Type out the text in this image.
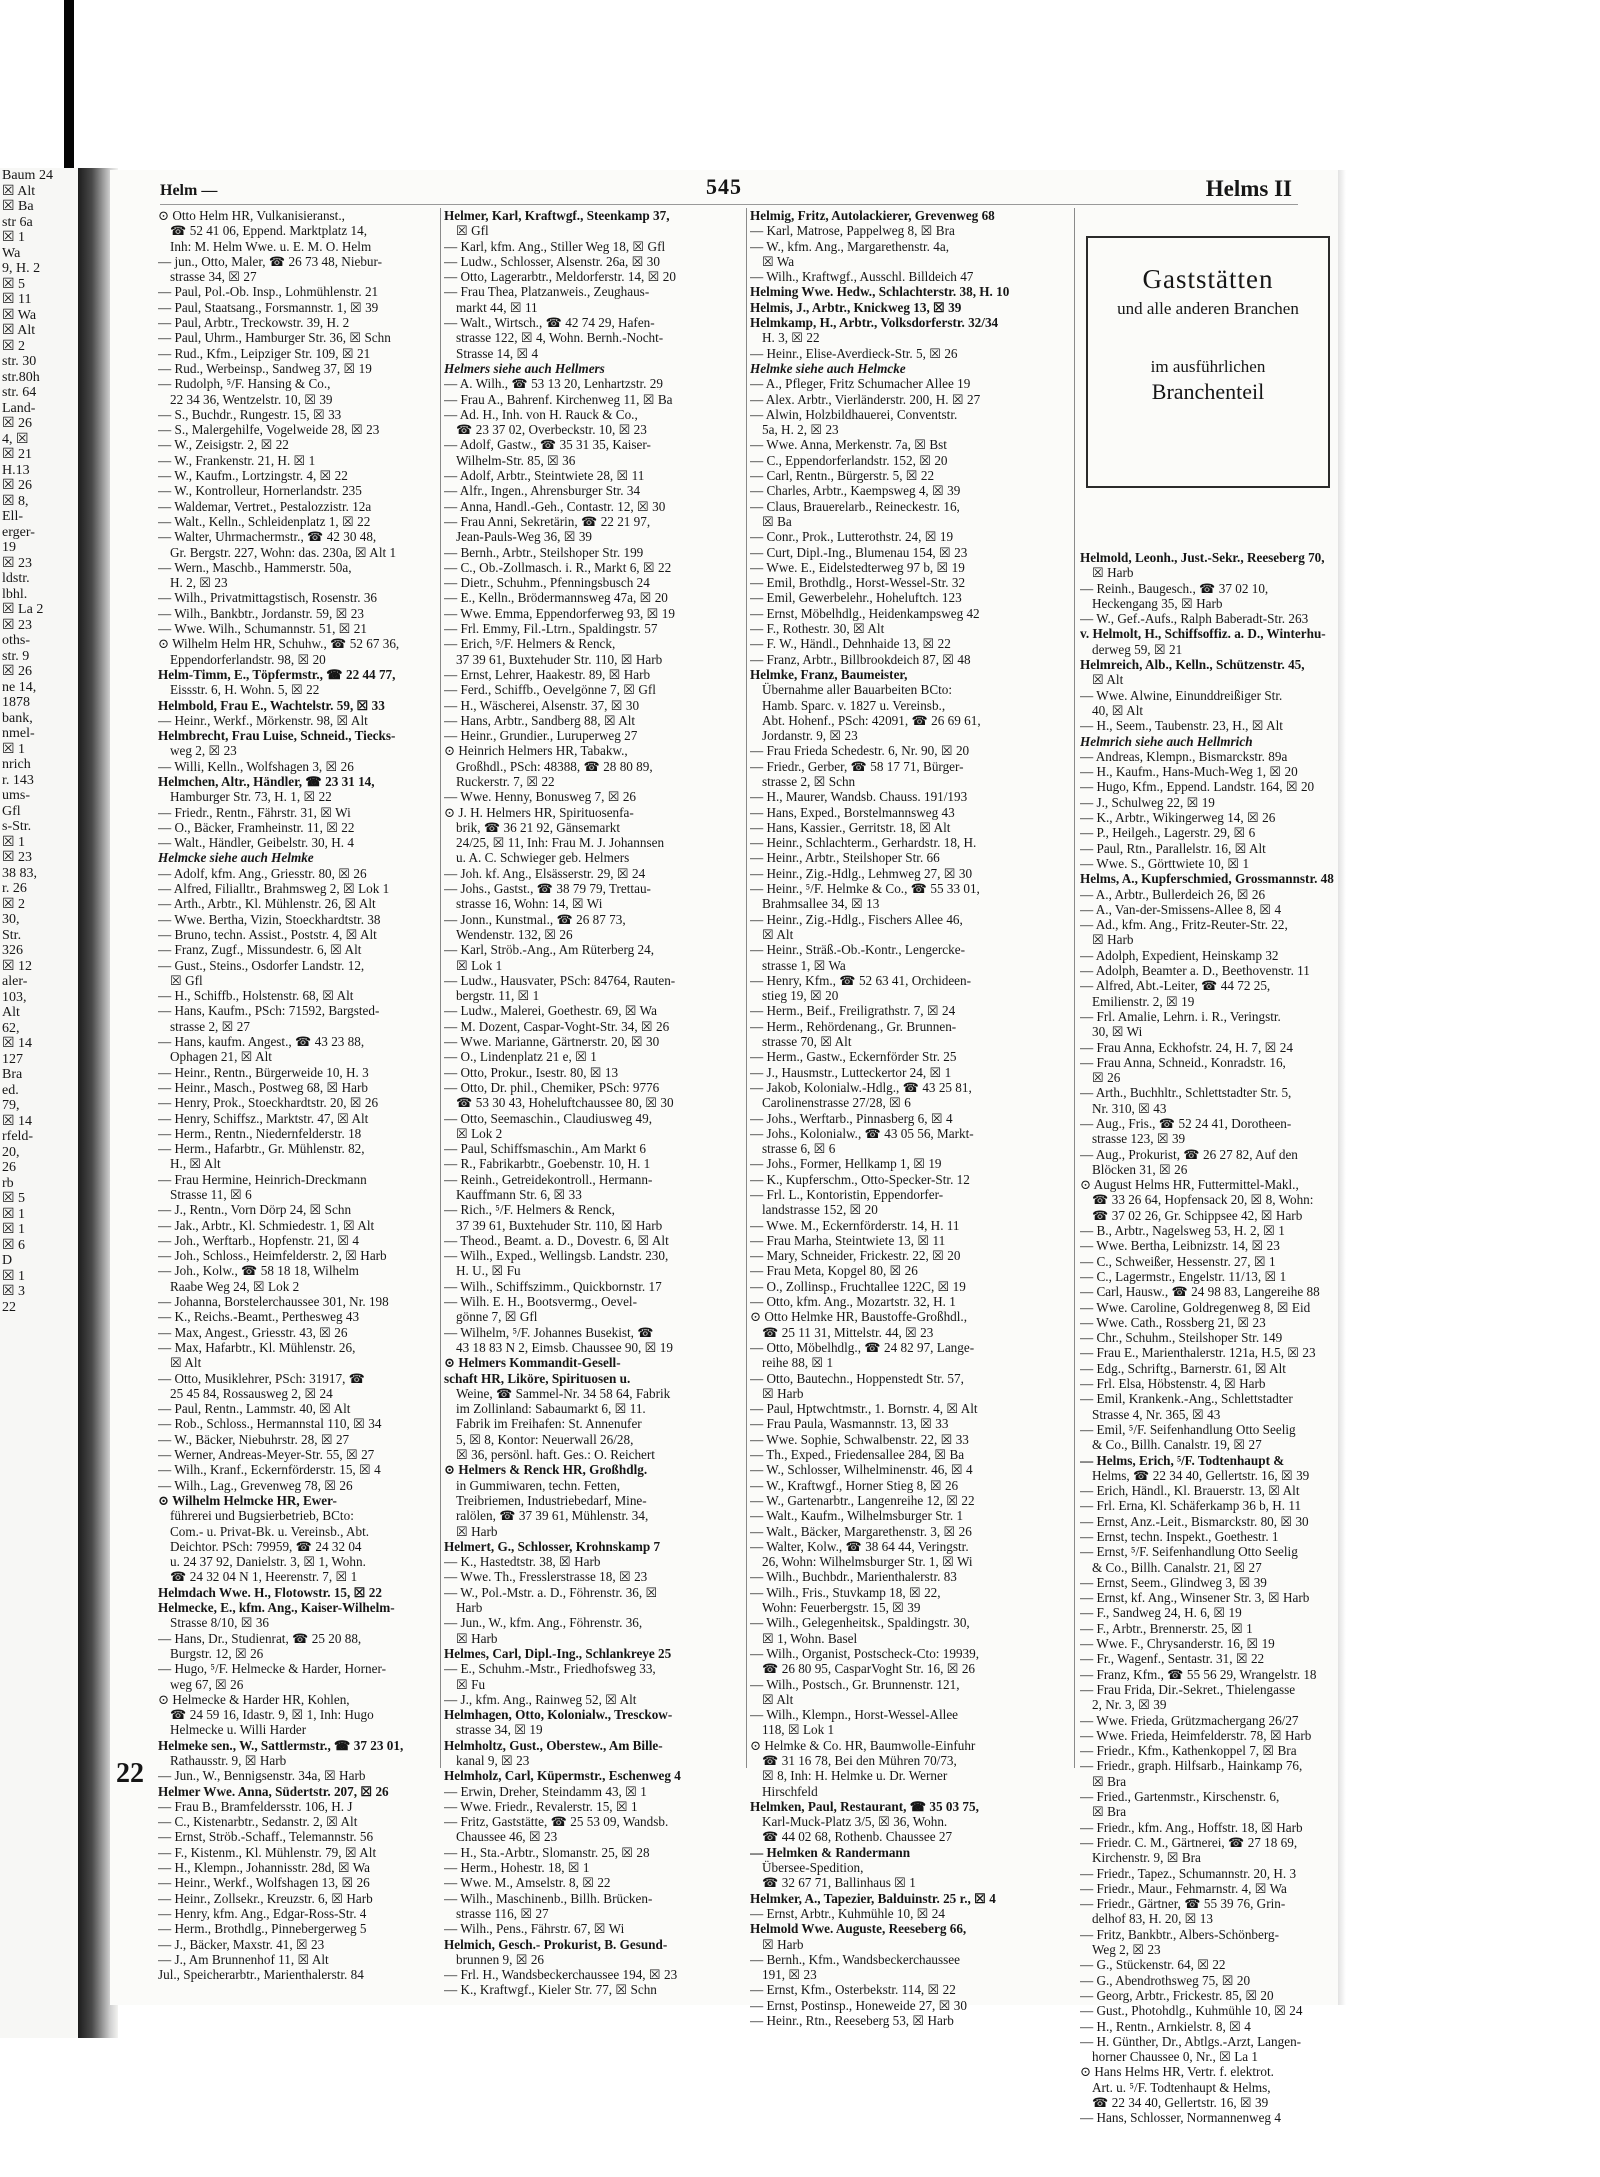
Baum 24
☒ Alt
☒ Ba
str 6a
☒ 1
Wa
9, H. 2
☒ 5
☒ 11
☒ Wa
☒ Alt
☒ 2
str. 30
str.80h
str. 64
Land-
☒ 26
4, ☒
☒ 21
H.13
☒ 26
☒ 8,
Ell-
erger-
19
☒ 23
ldstr.
lbhl.
☒ La 2
☒ 23
oths-
str. 9
☒ 26
ne 14,
1878
bank,
nmel-
☒ 1
nrich
r. 143
ums-
Gfl
s-Str.
☒ 1
☒ 23
38 83,
r. 26
☒ 2
30,
Str.
326
☒ 12
aler-
103,
Alt
62,
☒ 14
127
Bra
ed.
79,
☒ 14
rfeld-
20,
26
rb
☒ 5
☒ 1
☒ 1
☒ 6
D
☒ 1
☒ 3
22
Helm —	545	Helms II
⊙ Otto Helm HR, Vulkanisieranst.,
☎ 52 41 06, Eppend. Marktplatz 14,
Inh: M. Helm Wwe. u. E. M. O. Helm
— jun., Otto, Maler, ☎ 26 73 48, Niebur-
strasse 34, ☒ 27
— Paul, Pol.-Ob. Insp., Lohmühlenstr. 21
— Paul, Staatsang., Forsmannstr. 1, ☒ 39
— Paul, Arbtr., Treckowstr. 39, H. 2
— Paul, Uhrm., Hamburger Str. 36, ☒ Schn
— Rud., Kfm., Leipziger Str. 109, ☒ 21
— Rud., Werbeinsp., Sandweg 37, ☒ 19
— Rudolph, ⁵/F. Hansing & Co.,
22 34 36, Wentzelstr. 10, ☒ 39
— S., Buchdr., Rungestr. 15, ☒ 33
— S., Malergehilfe, Vogelweide 28, ☒ 23
— W., Zeisigstr. 2, ☒ 22
— W., Frankenstr. 21, H. ☒ 1
— W., Kaufm., Lortzingstr. 4, ☒ 22
— W., Kontrolleur, Hornerlandstr. 235
— Waldemar, Vertret., Pestalozzistr. 12a
— Walt., Kelln., Schleidenplatz 1, ☒ 22
— Walter, Uhrmachermstr., ☎ 42 30 48,
Gr. Bergstr. 227, Wohn: das. 230a, ☒ Alt 1
— Wern., Maschb., Hammerstr. 50a,
H. 2, ☒ 23
— Wilh., Privatmittagstisch, Rosenstr. 36
— Wilh., Bankbtr., Jordanstr. 59, ☒ 23
— Wwe. Wilh., Schumannstr. 51, ☒ 21
⊙ Wilhelm Helm HR, Schuhw., ☎ 52 67 36,
Eppendorferlandstr. 98, ☒ 20
Helm-Timm, E., Töpfermstr., ☎ 22 44 77,
Eissstr. 6, H. Wohn. 5, ☒ 22
Helmbold, Frau E., Wachtelstr. 59, ☒ 33
— Heinr., Werkf., Mörkenstr. 98, ☒ Alt
Helmbrecht, Frau Luise, Schneid., Tiecks-
weg 2, ☒ 23
— Willi, Kelln., Wolfshagen 3, ☒ 26
Helmchen, Altr., Händler, ☎ 23 31 14,
Hamburger Str. 73, H. 1, ☒ 22
— Friedr., Rentn., Fährstr. 31, ☒ Wi
— O., Bäcker, Framheinstr. 11, ☒ 22
— Walt., Händler, Geibelstr. 30, H. 4
Helmcke siehe auch Helmke
— Adolf, kfm. Ang., Griesstr. 80, ☒ 26
— Alfred, Filialltr., Brahmsweg 2, ☒ Lok 1
— Arth., Arbtr., Kl. Mühlenstr. 26, ☒ Alt
— Wwe. Bertha, Vizin, Stoeckhardtstr. 38
— Bruno, techn. Assist., Poststr. 4, ☒ Alt
— Franz, Zugf., Missundestr. 6, ☒ Alt
— Gust., Steins., Osdorfer Landstr. 12,
☒ Gfl
— H., Schiffb., Holstenstr. 68, ☒ Alt
— Hans, Kaufm., PSch: 71592, Bargsted-
strasse 2, ☒ 27
— Hans, kaufm. Angest., ☎ 43 23 88,
Ophagen 21, ☒ Alt
— Heinr., Rentn., Bürgerweide 10, H. 3
— Heinr., Masch., Postweg 68, ☒ Harb
— Henry, Prok., Stoeckhardtstr. 20, ☒ 26
— Henry, Schiffsz., Marktstr. 47, ☒ Alt
— Herm., Rentn., Niedernfelderstr. 18
— Herm., Hafarbtr., Gr. Mühlenstr. 82,
H., ☒ Alt
— Frau Hermine, Heinrich-Dreckmann
Strasse 11, ☒ 6
— J., Rentn., Vorn Dörp 24, ☒ Schn
— Jak., Arbtr., Kl. Schmiedestr. 1, ☒ Alt
— Joh., Werftarb., Hopfenstr. 21, ☒ 4
— Joh., Schloss., Heimfelderstr. 2, ☒ Harb
— Joh., Kolw., ☎ 58 18 18, Wilhelm
Raabe Weg 24, ☒ Lok 2
— Johanna, Borstelerchaussee 301, Nr. 198
— K., Reichs.-Beamt., Perthesweg 43
— Max, Angest., Griesstr. 43, ☒ 26
— Max, Hafarbtr., Kl. Mühlenstr. 26,
☒ Alt
— Otto, Musiklehrer, PSch: 31917, ☎
25 45 84, Rossausweg 2, ☒ 24
— Paul, Rentn., Lammstr. 40, ☒ Alt
— Rob., Schloss., Hermannstal 110, ☒ 34
— W., Bäcker, Niebuhrstr. 28, ☒ 27
— Werner, Andreas-Meyer-Str. 55, ☒ 27
— Wilh., Kranf., Eckernförderstr. 15, ☒ 4
— Wilh., Lag., Grevenweg 78, ☒ 26
⊙ Wilhelm Helmcke HR, Ewer-
führerei und Bugsierbetrieb, BCto:
Com.- u. Privat-Bk. u. Vereinsb., Abt.
Deichtor. PSch: 79959, ☎ 24 32 04
u. 24 37 92, Danielstr. 3, ☒ 1, Wohn.
☎ 24 32 04 N 1, Heerenstr. 7, ☒ 1
Helmdach Wwe. H., Flotowstr. 15, ☒ 22
Helmecke, E., kfm. Ang., Kaiser-Wilhelm-
Strasse 8/10, ☒ 36
— Hans, Dr., Studienrat, ☎ 25 20 88,
Burgstr. 12, ☒ 26
— Hugo, ⁵/F. Helmecke & Harder, Horner-
weg 67, ☒ 26
⊙ Helmecke & Harder HR, Kohlen,
☎ 24 59 16, Idastr. 9, ☒ 1, Inh: Hugo
Helmecke u. Willi Harder
Helmeke sen., W., Sattlermstr., ☎ 37 23 01,
Rathausstr. 9, ☒ Harb
— Jun., W., Bennigsenstr. 34a, ☒ Harb
Helmer Wwe. Anna, Südertstr. 207, ☒ 26
— Frau B., Bramfeldersstr. 106, H. J
— C., Kistenarbtr., Sedanstr. 2, ☒ Alt
— Ernst, Ströb.-Schaff., Telemannstr. 56
— F., Kistenm., Kl. Mühlenstr. 79, ☒ Alt
— H., Klempn., Johannisstr. 28d, ☒ Wa
— Heinr., Werkf., Wolfshagen 13, ☒ 26
— Heinr., Zollsekr., Kreuzstr. 6, ☒ Harb
— Henry, kfm. Ang., Edgar-Ross-Str. 4
— Herm., Brothdlg., Pinnebergerweg 5
— J., Bäcker, Maxstr. 41, ☒ 23
— J., Am Brunnenhof 11, ☒ Alt
Jul., Speicherarbtr., Marienthalerstr. 84
Helmer, Karl, Kraftwgf., Steenkamp 37,
☒ Gfl
— Karl, kfm. Ang., Stiller Weg 18, ☒ Gfl
— Ludw., Schlosser, Alsenstr. 26a, ☒ 30
— Otto, Lagerarbtr., Meldorferstr. 14, ☒ 20
— Frau Thea, Platzanweis., Zeughaus-
markt 44, ☒ 11
— Walt., Wirtsch., ☎ 42 74 29, Hafen-
strasse 122, ☒ 4, Wohn. Bernh.-Nocht-
Strasse 14, ☒ 4
Helmers siehe auch Hellmers
— A. Wilh., ☎ 53 13 20, Lenhartzstr. 29
— Frau A., Bahrenf. Kirchenweg 11, ☒ Ba
— Ad. H., Inh. von H. Rauck & Co.,
☎ 23 37 02, Overbeckstr. 10, ☒ 23
— Adolf, Gastw., ☎ 35 31 35, Kaiser-
Wilhelm-Str. 85, ☒ 36
— Adolf, Arbtr., Steintwiete 28, ☒ 11
— Alfr., Ingen., Ahrensburger Str. 34
— Anna, Handl.-Geh., Contastr. 12, ☒ 30
— Frau Anni, Sekretärin, ☎ 22 21 97,
Jean-Pauls-Weg 36, ☒ 39
— Bernh., Arbtr., Steilshoper Str. 199
— C., Ob.-Zollmasch. i. R., Markt 6, ☒ 22
— Dietr., Schuhm., Pfenningsbusch 24
— E., Kelln., Brödermannsweg 47a, ☒ 20
— Wwe. Emma, Eppendorferweg 93, ☒ 19
— Frl. Emmy, Fil.-Ltrn., Spaldingstr. 57
— Erich, ⁵/F. Helmers & Renck,
37 39 61, Buxtehuder Str. 110, ☒ Harb
— Ernst, Lehrer, Haakestr. 89, ☒ Harb
— Ferd., Schiffb., Oevelgönne 7, ☒ Gfl
— H., Wäscherei, Alsenstr. 37, ☒ 30
— Hans, Arbtr., Sandberg 88, ☒ Alt
— Heinr., Grundier., Luruperweg 27
⊙ Heinrich Helmers HR, Tabakw.,
Großhdl., PSch: 48388, ☎ 28 80 89,
Ruckerstr. 7, ☒ 22
— Wwe. Henny, Bonusweg 7, ☒ 26
⊙ J. H. Helmers HR, Spirituosenfa-
brik, ☎ 36 21 92, Gänsemarkt
24/25, ☒ 11, Inh: Frau M. J. Johannsen
u. A. C. Schwieger geb. Helmers
— Joh. kf. Ang., Elsässerstr. 29, ☒ 24
— Johs., Gastst., ☎ 38 79 79, Trettau-
strasse 16, Wohn: 14, ☒ Wi
— Jonn., Kunstmal., ☎ 26 87 73,
Wendenstr. 132, ☒ 26
— Karl, Ströb.-Ang., Am Rüterberg 24,
☒ Lok 1
— Ludw., Hausvater, PSch: 84764, Rauten-
bergstr. 11, ☒ 1
— Ludw., Malerei, Goethestr. 69, ☒ Wa
— M. Dozent, Caspar-Voght-Str. 34, ☒ 26
— Wwe. Marianne, Gärtnerstr. 20, ☒ 30
— O., Lindenplatz 21 e, ☒ 1
— Otto, Prokur., Isestr. 80, ☒ 13
— Otto, Dr. phil., Chemiker, PSch: 9776
☎ 53 30 43, Hoheluftchaussee 80, ☒ 30
— Otto, Seemaschin., Claudiusweg 49,
☒ Lok 2
— Paul, Schiffsmaschin., Am Markt 6
— R., Fabrikarbtr., Goebenstr. 10, H. 1
— Reinh., Getreidekontroll., Hermann-
Kauffmann Str. 6, ☒ 33
— Rich., ⁵/F. Helmers & Renck,
37 39 61, Buxtehuder Str. 110, ☒ Harb
— Theod., Beamt. a. D., Dovestr. 6, ☒ Alt
— Wilh., Exped., Wellingsb. Landstr. 230,
H. U., ☒ Fu
— Wilh., Schiffszimm., Quickbornstr. 17
— Wilh. E. H., Bootsvermg., Oevel-
gönne 7, ☒ Gfl
— Wilhelm, ⁵/F. Johannes Busekist, ☎
43 18 83 N 2, Eimsb. Chaussee 90, ☒ 19
⊙ Helmers Kommandit-Gesell-
schaft HR, Liköre, Spirituosen u.
Weine, ☎ Sammel-Nr. 34 58 64, Fabrik
im Zollinland: Sabaumarkt 6, ☒ 11.
Fabrik im Freihafen: St. Annenufer
5, ☒ 8, Kontor: Neuerwall 26/28,
☒ 36, persönl. haft. Ges.: O. Reichert
⊙ Helmers & Renck HR, Großhdlg.
in Gummiwaren, techn. Fetten,
Treibriemen, Industriebedarf, Mine-
ralölen, ☎ 37 39 61, Mühlenstr. 34,
☒ Harb
Helmert, G., Schlosser, Krohnskamp 7
— K., Hastedtstr. 38, ☒ Harb
— Wwe. Th., Fresslerstrasse 18, ☒ 23
— W., Pol.-Mstr. a. D., Föhrenstr. 36, ☒
Harb
— Jun., W., kfm. Ang., Föhrenstr. 36,
☒ Harb
Helmes, Carl, Dipl.-Ing., Schlankreye 25
— E., Schuhm.-Mstr., Friedhofsweg 33,
☒ Fu
— J., kfm. Ang., Rainweg 52, ☒ Alt
Helmhagen, Otto, Kolonialw., Tresckow-
strasse 34, ☒ 19
Helmholtz, Gust., Oberstew., Am Bille-
kanal 9, ☒ 23
Helmholz, Carl, Küpermstr., Eschenweg 4
— Erwin, Dreher, Steindamm 43, ☒ 1
— Wwe. Friedr., Revalerstr. 15, ☒ 1
— Fritz, Gaststätte, ☎ 25 53 09, Wandsb.
Chaussee 46, ☒ 23
— H., Sta.-Arbtr., Slomanstr. 25, ☒ 28
— Herm., Hohestr. 18, ☒ 1
— Wwe. M., Amselstr. 8, ☒ 22
— Wilh., Maschinenb., Billh. Brücken-
strasse 116, ☒ 27
— Wilh., Pens., Fährstr. 67, ☒ Wi
Helmich, Gesch.- Prokurist, B. Gesund-
brunnen 9, ☒ 26
— Frl. H., Wandsbeckerchaussee 194, ☒ 23
— K., Kraftwgf., Kieler Str. 77, ☒ Schn
Helmig, Fritz, Autolackierer, Grevenweg 68
— Karl, Matrose, Pappelweg 8, ☒ Bra
— W., kfm. Ang., Margarethenstr. 4a,
☒ Wa
— Wilh., Kraftwgf., Ausschl. Billdeich 47
Helming Wwe. Hedw., Schlachterstr. 38, H. 10
Helmis, J., Arbtr., Knickweg 13, ☒ 39
Helmkamp, H., Arbtr., Volksdorferstr. 32/34
H. 3, ☒ 22
— Heinr., Elise-Averdieck-Str. 5, ☒ 26
Helmke siehe auch Helmcke
— A., Pfleger, Fritz Schumacher Allee 19
— Alex. Arbtr., Vierländerstr. 200, H. ☒ 27
— Alwin, Holzbildhauerei, Conventstr.
5a, H. 2, ☒ 23
— Wwe. Anna, Merkenstr. 7a, ☒ Bst
— C., Eppendorferlandstr. 152, ☒ 20
— Carl, Rentn., Bürgerstr. 5, ☒ 22
— Charles, Arbtr., Kaempsweg 4, ☒ 39
— Claus, Brauerelarb., Reineckestr. 16,
☒ Ba
— Conr., Prok., Lutterothstr. 24, ☒ 19
— Curt, Dipl.-Ing., Blumenau 154, ☒ 23
— Wwe. E., Eidelstedterweg 97 b, ☒ 19
— Emil, Brothdlg., Horst-Wessel-Str. 32
— Emil, Gewerbelehr., Hoheluftch. 123
— Ernst, Möbelhdlg., Heidenkampsweg 42
— F., Rothestr. 30, ☒ Alt
— F. W., Händl., Dehnhaide 13, ☒ 22
— Franz, Arbtr., Billbrookdeich 87, ☒ 48
Helmke, Franz, Baumeister,
Übernahme aller Bauarbeiten BCto:
Hamb. Sparc. v. 1827 u. Vereinsb.,
Abt. Hohenf., PSch: 42091, ☎ 26 69 61,
Jordanstr. 9, ☒ 23
— Frau Frieda Schedestr. 6, Nr. 90, ☒ 20
— Friedr., Gerber, ☎ 58 17 71, Bürger-
strasse 2, ☒ Schn
— H., Maurer, Wandsb. Chauss. 191/193
— Hans, Exped., Borstelmannsweg 43
— Hans, Kassier., Gerritstr. 18, ☒ Alt
— Heinr., Schlachterm., Gerhardstr. 18, H.
— Heinr., Arbtr., Steilshoper Str. 66
— Heinr., Zig.-Hdlg., Lehmweg 27, ☒ 30
— Heinr., ⁵/F. Helmke & Co., ☎ 55 33 01,
Brahmsallee 34, ☒ 13
— Heinr., Zig.-Hdlg., Fischers Allee 46,
☒ Alt
— Heinr., Sträß.-Ob.-Kontr., Lengercke-
strasse 1, ☒ Wa
— Henry, Kfm., ☎ 52 63 41, Orchideen-
stieg 19, ☒ 20
— Herm., Beif., Freiligrathstr. 7, ☒ 24
— Herm., Rehördenang., Gr. Brunnen-
strasse 70, ☒ Alt
— Herm., Gastw., Eckernförder Str. 25
— J., Hausmstr., Lutteckertor 24, ☒ 1
— Jakob, Kolonialw.-Hdlg., ☎ 43 25 81,
Carolinenstrasse 27/28, ☒ 6
— Johs., Werftarb., Pinnasberg 6, ☒ 4
— Johs., Kolonialw., ☎ 43 05 56, Markt-
strasse 6, ☒ 6
— Johs., Former, Hellkamp 1, ☒ 19
— K., Kupferschm., Otto-Specker-Str. 12
— Frl. L., Kontoristin, Eppendorfer-
landstrasse 152, ☒ 20
— Wwe. M., Eckernförderstr. 14, H. 11
— Frau Marha, Steintwiete 13, ☒ 11
— Mary, Schneider, Frickestr. 22, ☒ 20
— Frau Meta, Kopgel 80, ☒ 26
— O., Zollinsp., Fruchtallee 122C, ☒ 19
— Otto, kfm. Ang., Mozartstr. 32, H. 1
⊙ Otto Helmke HR, Baustoffe-Großhdl.,
☎ 25 11 31, Mittelstr. 44, ☒ 23
— Otto, Möbelhdlg., ☎ 24 82 97, Lange-
reihe 88, ☒ 1
— Otto, Bautechn., Hoppenstedt Str. 57,
☒ Harb
— Paul, Hptwchtmstr., 1. Bornstr. 4, ☒ Alt
— Frau Paula, Wasmannstr. 13, ☒ 33
— Wwe. Sophie, Schwalbenstr. 22, ☒ 33
— Th., Exped., Friedensallee 284, ☒ Ba
— W., Schlosser, Wilhelminenstr. 46, ☒ 4
— W., Kraftwgf., Horner Stieg 8, ☒ 26
— W., Gartenarbtr., Langenreihe 12, ☒ 22
— Walt., Kaufm., Wilhelmsburger Str. 1
— Walt., Bäcker, Margarethenstr. 3, ☒ 26
— Walter, Kolw., ☎ 38 64 44, Veringstr.
26, Wohn: Wilhelmsburger Str. 1, ☒ Wi
— Wilh., Buchbdr., Marienthalerstr. 83
— Wilh., Fris., Stuvkamp 18, ☒ 22,
Wohn: Feuerbergstr. 15, ☒ 39
— Wilh., Gelegenheitsk., Spaldingstr. 30,
☒ 1, Wohn. Basel
— Wilh., Organist, Postscheck-Cto: 19939,
☎ 26 80 95, CasparVoght Str. 16, ☒ 26
— Wilh., Postsch., Gr. Brunnenstr. 121,
☒ Alt
— Wilh., Klempn., Horst-Wessel-Allee
118, ☒ Lok 1
⊙ Helmke & Co. HR, Baumwolle-Einfuhr
☎ 31 16 78, Bei den Mühren 70/73,
☒ 8, Inh: H. Helmke u. Dr. Werner
Hirschfeld
Helmken, Paul, Restaurant, ☎ 35 03 75,
Karl-Muck-Platz 3/5, ☒ 36, Wohn.
☎ 44 02 68, Rothenb. Chaussee 27
— Helmken & Randermann
Übersee-Spedition,
☎ 32 67 71, Ballinhaus ☒ 1
Helmker, A., Tapezier, Balduinstr. 25 r., ☒ 4
— Ernst, Arbtr., Kuhmühle 10, ☒ 24
Helmold Wwe. Auguste, Reeseberg 66,
☒ Harb
— Bernh., Kfm., Wandsbeckerchaussee
191, ☒ 23
— Ernst, Kfm., Osterbekstr. 114, ☒ 22
— Ernst, Postinsp., Honeweide 27, ☒ 30
— Heinr., Rtn., Reeseberg 53, ☒ Harb
Gaststätten
und alle anderen Branchen
im ausführlichen
Branchenteil
Helmold, Leonh., Just.-Sekr., Reeseberg 70,
☒ Harb
— Reinh., Baugesch., ☎ 37 02 10,
Heckengang 35, ☒ Harb
— W., Gef.-Aufs., Ralph Baberadt-Str. 263
v. Helmolt, H., Schiffsoffiz. a. D., Winterhu-
derweg 59, ☒ 21
Helmreich, Alb., Kelln., Schützenstr. 45,
☒ Alt
— Wwe. Alwine, Einunddreißiger Str.
40, ☒ Alt
— H., Seem., Taubenstr. 23, H., ☒ Alt
Helmrich siehe auch Hellmrich
— Andreas, Klempn., Bismarckstr. 89a
— H., Kaufm., Hans-Much-Weg 1, ☒ 20
— Hugo, Kfm., Eppend. Landstr. 164, ☒ 20
— J., Schulweg 22, ☒ 19
— K., Arbtr., Wikingerweg 14, ☒ 26
— P., Heilgeh., Lagerstr. 29, ☒ 6
— Paul, Rtn., Parallelstr. 16, ☒ Alt
— Wwe. S., Görttwiete 10, ☒ 1
Helms, A., Kupferschmied, Grossmannstr. 48
— A., Arbtr., Bullerdeich 26, ☒ 26
— A., Van-der-Smissens-Allee 8, ☒ 4
— Ad., kfm. Ang., Fritz-Reuter-Str. 22,
☒ Harb
— Adolph, Expedient, Heinskamp 32
— Adolph, Beamter a. D., Beethovenstr. 11
— Alfred, Abt.-Leiter, ☎ 44 72 25,
Emilienstr. 2, ☒ 19
— Frl. Amalie, Lehrn. i. R., Veringstr.
30, ☒ Wi
— Frau Anna, Eckhofstr. 24, H. 7, ☒ 24
— Frau Anna, Schneid., Konradstr. 16,
☒ 26
— Arth., Buchhltr., Schlettstadter Str. 5,
Nr. 310, ☒ 43
— Aug., Fris., ☎ 52 24 41, Dorotheen-
strasse 123, ☒ 39
— Aug., Prokurist, ☎ 26 27 82, Auf den
Blöcken 31, ☒ 26
⊙ August Helms HR, Futtermittel-Makl.,
☎ 33 26 64, Hopfensack 20, ☒ 8, Wohn:
☎ 37 02 26, Gr. Schippsee 42, ☒ Harb
— B., Arbtr., Nagelsweg 53, H. 2, ☒ 1
— Wwe. Bertha, Leibnizstr. 14, ☒ 23
— C., Schweißer, Hessenstr. 27, ☒ 1
— C., Lagermstr., Engelstr. 11/13, ☒ 1
— Carl, Hausw., ☎ 24 98 83, Langereihe 88
— Wwe. Caroline, Goldregenweg 8, ☒ Eid
— Wwe. Cath., Rossberg 21, ☒ 23
— Chr., Schuhm., Steilshoper Str. 149
— Frau E., Marienthalerstr. 121a, H.5, ☒ 23
— Edg., Schriftg., Barnerstr. 61, ☒ Alt
— Frl. Elsa, Höbstenstr. 4, ☒ Harb
— Emil, Krankenk.-Ang., Schlettstadter
Strasse 4, Nr. 365, ☒ 43
— Emil, ⁵/F. Seifenhandlung Otto Seelig
& Co., Billh. Canalstr. 19, ☒ 27
— Helms, Erich, ⁵/F. Todtenhaupt &
Helms, ☎ 22 34 40, Gellertstr. 16, ☒ 39
— Erich, Händl., Kl. Brauerstr. 13, ☒ Alt
— Frl. Erna, Kl. Schäferkamp 36 b, H. 11
— Ernst, Anz.-Leit., Bismarckstr. 80, ☒ 30
— Ernst, techn. Inspekt., Goethestr. 1
— Ernst, ⁵/F. Seifenhandlung Otto Seelig
& Co., Billh. Canalstr. 21, ☒ 27
— Ernst, Seem., Glindweg 3, ☒ 39
— Ernst, kf. Ang., Winsener Str. 3, ☒ Harb
— F., Sandweg 24, H. 6, ☒ 19
— F., Arbtr., Brennerstr. 25, ☒ 1
— Wwe. F., Chrysanderstr. 16, ☒ 19
— Fr., Wagenf., Sentastr. 31, ☒ 22
— Franz, Kfm., ☎ 55 56 29, Wrangelstr. 18
— Frau Frida, Dir.-Sekret., Thielengasse
2, Nr. 3, ☒ 39
— Wwe. Frieda, Grützmachergang 26/27
— Wwe. Frieda, Heimfelderstr. 78, ☒ Harb
— Friedr., Kfm., Kathenkoppel 7, ☒ Bra
— Friedr., graph. Hilfsarb., Hainkamp 76,
☒ Bra
— Fried., Gartenmstr., Kirschenstr. 6,
☒ Bra
— Friedr., kfm. Ang., Hoffstr. 18, ☒ Harb
— Friedr. C. M., Gärtnerei, ☎ 27 18 69,
Kirchenstr. 9, ☒ Bra
— Friedr., Tapez., Schumannstr. 20, H. 3
— Friedr., Maur., Fehmarnstr. 4, ☒ Wa
— Friedr., Gärtner, ☎ 55 39 76, Grin-
delhof 83, H. 20, ☒ 13
— Fritz, Bankbtr., Albers-Schönberg-
Weg 2, ☒ 23
— G., Stückenstr. 64, ☒ 22
— G., Abendrothsweg 75, ☒ 20
— Georg, Arbtr., Frickestr. 85, ☒ 20
— Gust., Photohdlg., Kuhmühle 10, ☒ 24
— H., Rentn., Arnkielstr. 8, ☒ 4
— H. Günther, Dr., Abtlgs.-Arzt, Langen-
horner Chaussee 0, Nr., ☒ La 1
⊙ Hans Helms HR, Vertr. f. elektrot.
Art. u. ⁵/F. Todtenhaupt & Helms,
☎ 22 34 40, Gellertstr. 16, ☒ 39
— Hans, Schlosser, Normannenweg 4
22
